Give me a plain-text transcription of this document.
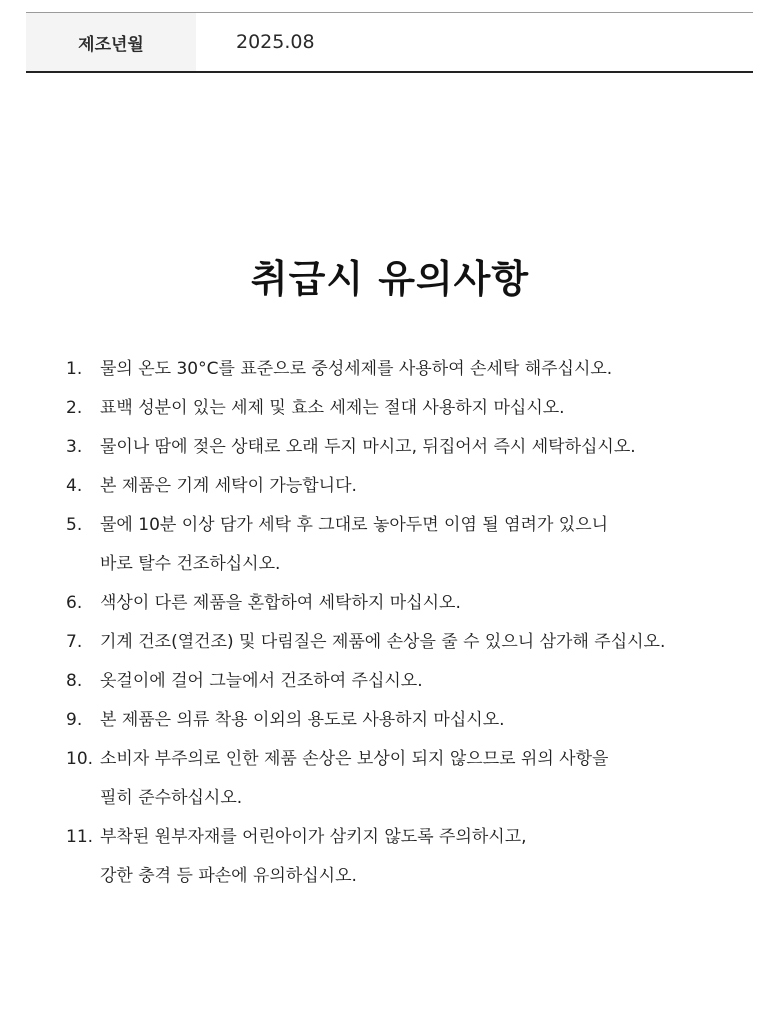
제조년월	2025.08
취급시 유의사항
1.	물의 온도 30°C를 표준으로 중성세제를 사용하여 손세탁 해주십시오.
2.	표백 성분이 있는 세제 및 효소 세제는 절대 사용하지 마십시오.
3.	물이나 땀에 젖은 상태로 오래 두지 마시고, 뒤집어서 즉시 세탁하십시오.
4.	본 제품은 기계 세탁이 가능합니다.
5.	물에 10분 이상 담가 세탁 후 그대로 놓아두면 이염 될 염려가 있으니
바로 탈수 건조하십시오.
6.	색상이 다른 제품을 혼합하여 세탁하지 마십시오.
7.	기계 건조(열건조) 및 다림질은 제품에 손상을 줄 수 있으니 삼가해 주십시오.
8.	옷걸이에 걸어 그늘에서 건조하여 주십시오.
9.	본 제품은 의류 착용 이외의 용도로 사용하지 마십시오.
10. 소비자 부주의로 인한 제품 손상은 보상이 되지 않으므로 위의 사항을
필히 준수하십시오.
11. 부착된 원부자재를 어린아이가 삼키지 않도록 주의하시고,
강한 충격 등 파손에 유의하십시오.
